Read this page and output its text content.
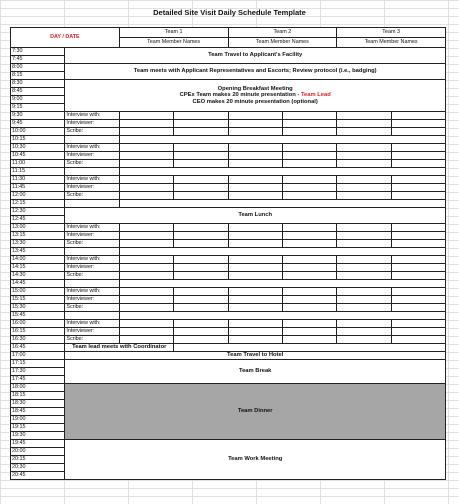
Detailed Site Visit Daily Schedule Template
DAY / DATE		Team 1		Team 2		Team 3	
		Team Member Names		Team Member Names		Team Member Names	
7:30	Team Travel to Applicant's Facility						
7:45							
8:00	Team meets with Applicant Representatives and Escorts; Review protocol (i.e., badging)						
8:15							
8:30	Opening Breakfast Meeting
CPEx Team makes 20 minute presentation - Team Lead
CEO makes 20 minute presentation (optional)						

8:45							
9:00							
9:15							
9:30	Interview with:						
9:45	Interviewer:						
10:00	Scribe:						
10:15							
10:30	Interview with:						
10:45	Interviewer:						
11:00	Scribe:						
11:15							
11:30	Interview with:						
11:45	Interviewer:						
12:00	Scribe:						
12:15							
12:30	Team Lunch						
12:45							
13:00	Interview with:						
13:15	Interviewer:						
13:30	Scribe:						
13:45							
14:00	Interview with:						
14:15	Interviewer:						
14:30	Scribe:						
14:45							
15:00	Interview with:						
15:15	Interviewer:						
15:30	Scribe:						
15:45							
16:00	Interview with:						
16:15	Interviewer:						
16:30	Scribe:						
16:45	Team lead meets with Coordinator						
17:00	Team Travel to Hotel						
17:15	Team Break						
17:30							
17:45							
18:00	Team Dinner						
18:15							
18:30							
18:45							
19:00							
19:15							
19:30							
19:45	Team Work Meeting						
20:00							
20:15							
20:30							
20:45							
